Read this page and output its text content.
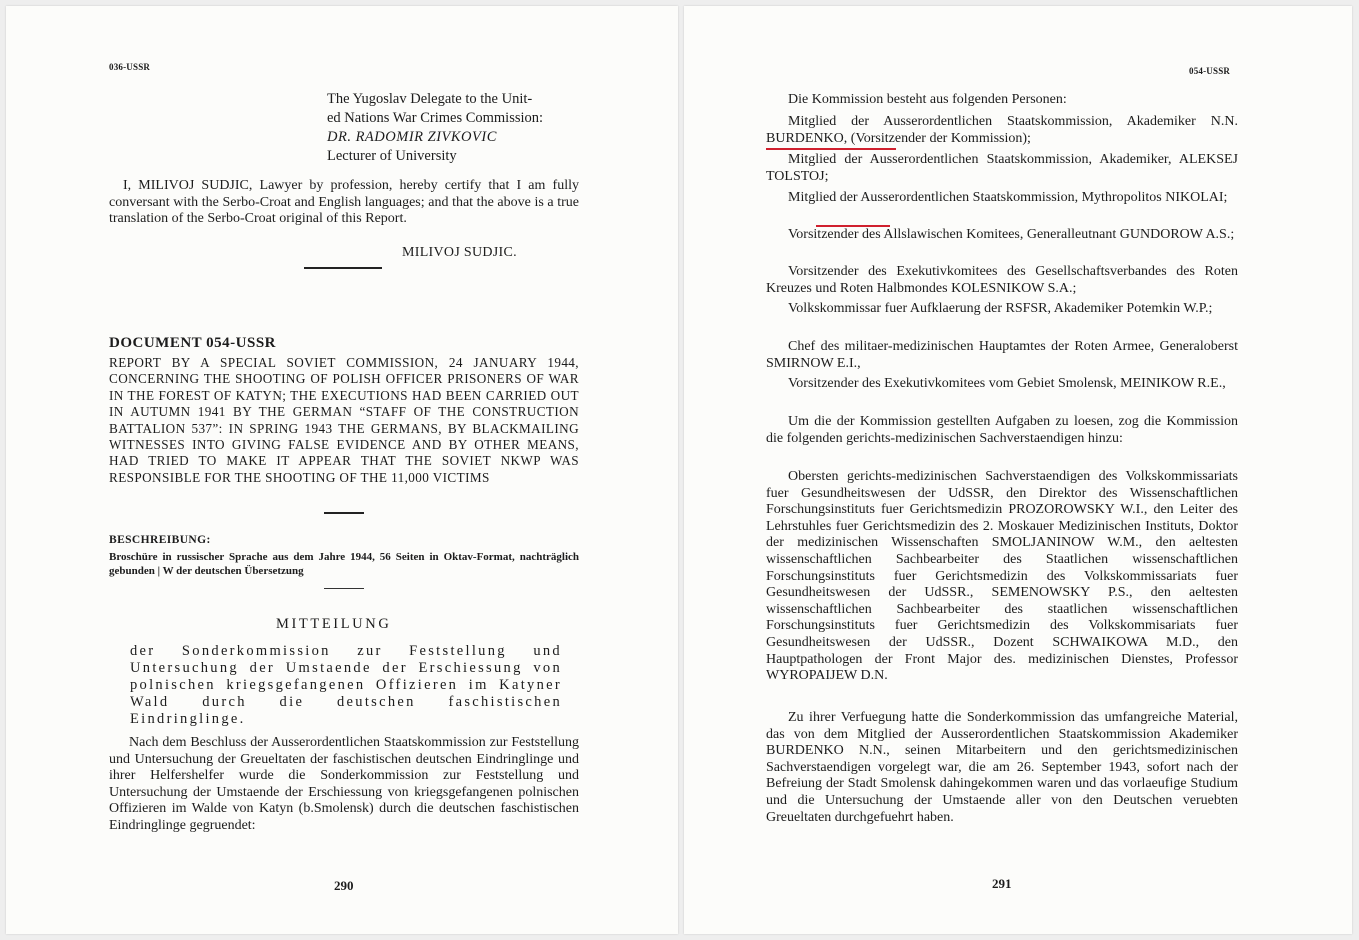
036-USSR
The Yugoslav Delegate to the Unit-
ed Nations War Crimes Commission:
DR. RADOMIR ZIVKOVIC
Lecturer of University
I, MILIVOJ SUDJIC, Lawyer by profession, hereby certify that I am fully conversant with the Serbo-Croat and English languages; and that the above is a true translation of the Serbo-Croat original of this Report.
MILIVOJ SUDJIC.
DOCUMENT 054-USSR
REPORT BY A SPECIAL SOVIET COMMISSION, 24 JANUARY 1944, CONCERNING THE SHOOTING OF POLISH OFFICER PRISONERS OF WAR IN THE FOREST OF KATYN; THE EXECUTIONS HAD BEEN CARRIED OUT IN AUTUMN 1941 BY THE GERMAN “STAFF OF THE CONSTRUCTION BATTALION 537”: IN SPRING 1943 THE GERMANS, BY BLACKMAILING WITNESSES INTO GIVING FALSE EVIDENCE AND BY OTHER MEANS, HAD TRIED TO MAKE IT APPEAR THAT THE SOVIET NKWP WAS RESPONSIBLE FOR THE SHOOTING OF THE 11,000 VICTIMS
BESCHREIBUNG:
Broschüre in russischer Sprache aus dem Jahre 1944, 56 Seiten in Oktav-Format, nachträglich gebunden | W der deutschen Übersetzung
MITTEILUNG
der Sonderkommission zur Feststellung und Untersuchung der Umstaende der Erschiessung von polnischen kriegsgefangenen Offizieren im Katyner Wald durch die deutschen faschistischen Eindringlinge.
Nach dem Beschluss der Ausserordentlichen Staatskommission zur Feststellung und Untersuchung der Greueltaten der faschistischen deutschen Eindringlinge und ihrer Helfershelfer wurde die Sonderkommission zur Feststellung und Untersuchung der Umstaende der Erschiessung von kriegsgefangenen polnischen Offizieren im Walde von Katyn (b.Smolensk) durch die deutschen faschistischen Eindringlinge gegruendet:
290
054-USSR

Die Kommission besteht aus folgenden Personen:

Mitglied der Ausserordentlichen Staatskommission, Akademiker N.N. BURDENKO, (Vorsitzender der Kommission);

Mitglied der Ausserordentlichen Staatskommission, Akademiker, ALEKSEJ TOLSTOJ;

Mitglied der Ausserordentlichen Staatskommission, Mythropolitos NIKOLAI;

Vorsitzender des Allslawischen Komitees, Generalleutnant GUNDOROW A.S.;

Vorsitzender des Exekutivkomitees des Gesellschaftsverbandes des Roten Kreuzes und Roten Halbmondes KOLESNIKOW S.A.;

Volkskommissar fuer Aufklaerung der RSFSR, Akademiker Potemkin W.P.;

Chef des militaer-medizinischen Hauptamtes der Roten Armee, Generaloberst SMIRNOW E.I.,

Vorsitzender des Exekutivkomitees vom Gebiet Smolensk, MEINIKOW R.E.,

Um die der Kommission gestellten Aufgaben zu loesen, zog die Kommission die folgenden gerichts-medizinischen Sachverstaendigen hinzu:

Obersten gerichts-medizinischen Sachverstaendigen des Volkskommissariats fuer Gesundheitswesen der UdSSR, den Direktor des Wissenschaftlichen Forschungsinstituts fuer Gerichtsmedizin PROZOROWSKY W.I., den Leiter des Lehrstuhles fuer Gerichtsmedizin des 2. Moskauer Medizinischen Instituts, Doktor der medizinischen Wissenschaften SMOLJANINOW W.M., den aeltesten wissenschaftlichen Sachbearbeiter des Staatlichen wissenschaftlichen Forschungsinstituts fuer Gerichtsmedizin des Volkskommissariats fuer Gesundheitswesen der UdSSR., SEMENOWSKY P.S., den aeltesten wissenschaftlichen Sachbearbeiter des staatlichen wissenschaftlichen Forschungsinstituts fuer Gerichtsmedizin des Volkskommisariats fuer Gesundheitswesen der UdSSR., Dozent SCHWAIKOWA M.D., den Hauptpathologen der Front Major des. medizinischen Dienstes, Professor WYROPAIJEW D.N.

Zu ihrer Verfuegung hatte die Sonderkommission das umfangreiche Material, das von dem Mitglied der Ausserordentlichen Staatskommission Akademiker BURDENKO N.N., seinen Mitarbeitern und den gerichtsmedizinischen Sachverstaendigen vorgelegt war, die am 26. September 1943, sofort nach der Befreiung der Stadt Smolensk dahingekommen waren und das vorlaeufige Studium und die Untersuchung der Umstaende aller von den Deutschen veruebten Greueltaten durchgefuehrt haben.

291
